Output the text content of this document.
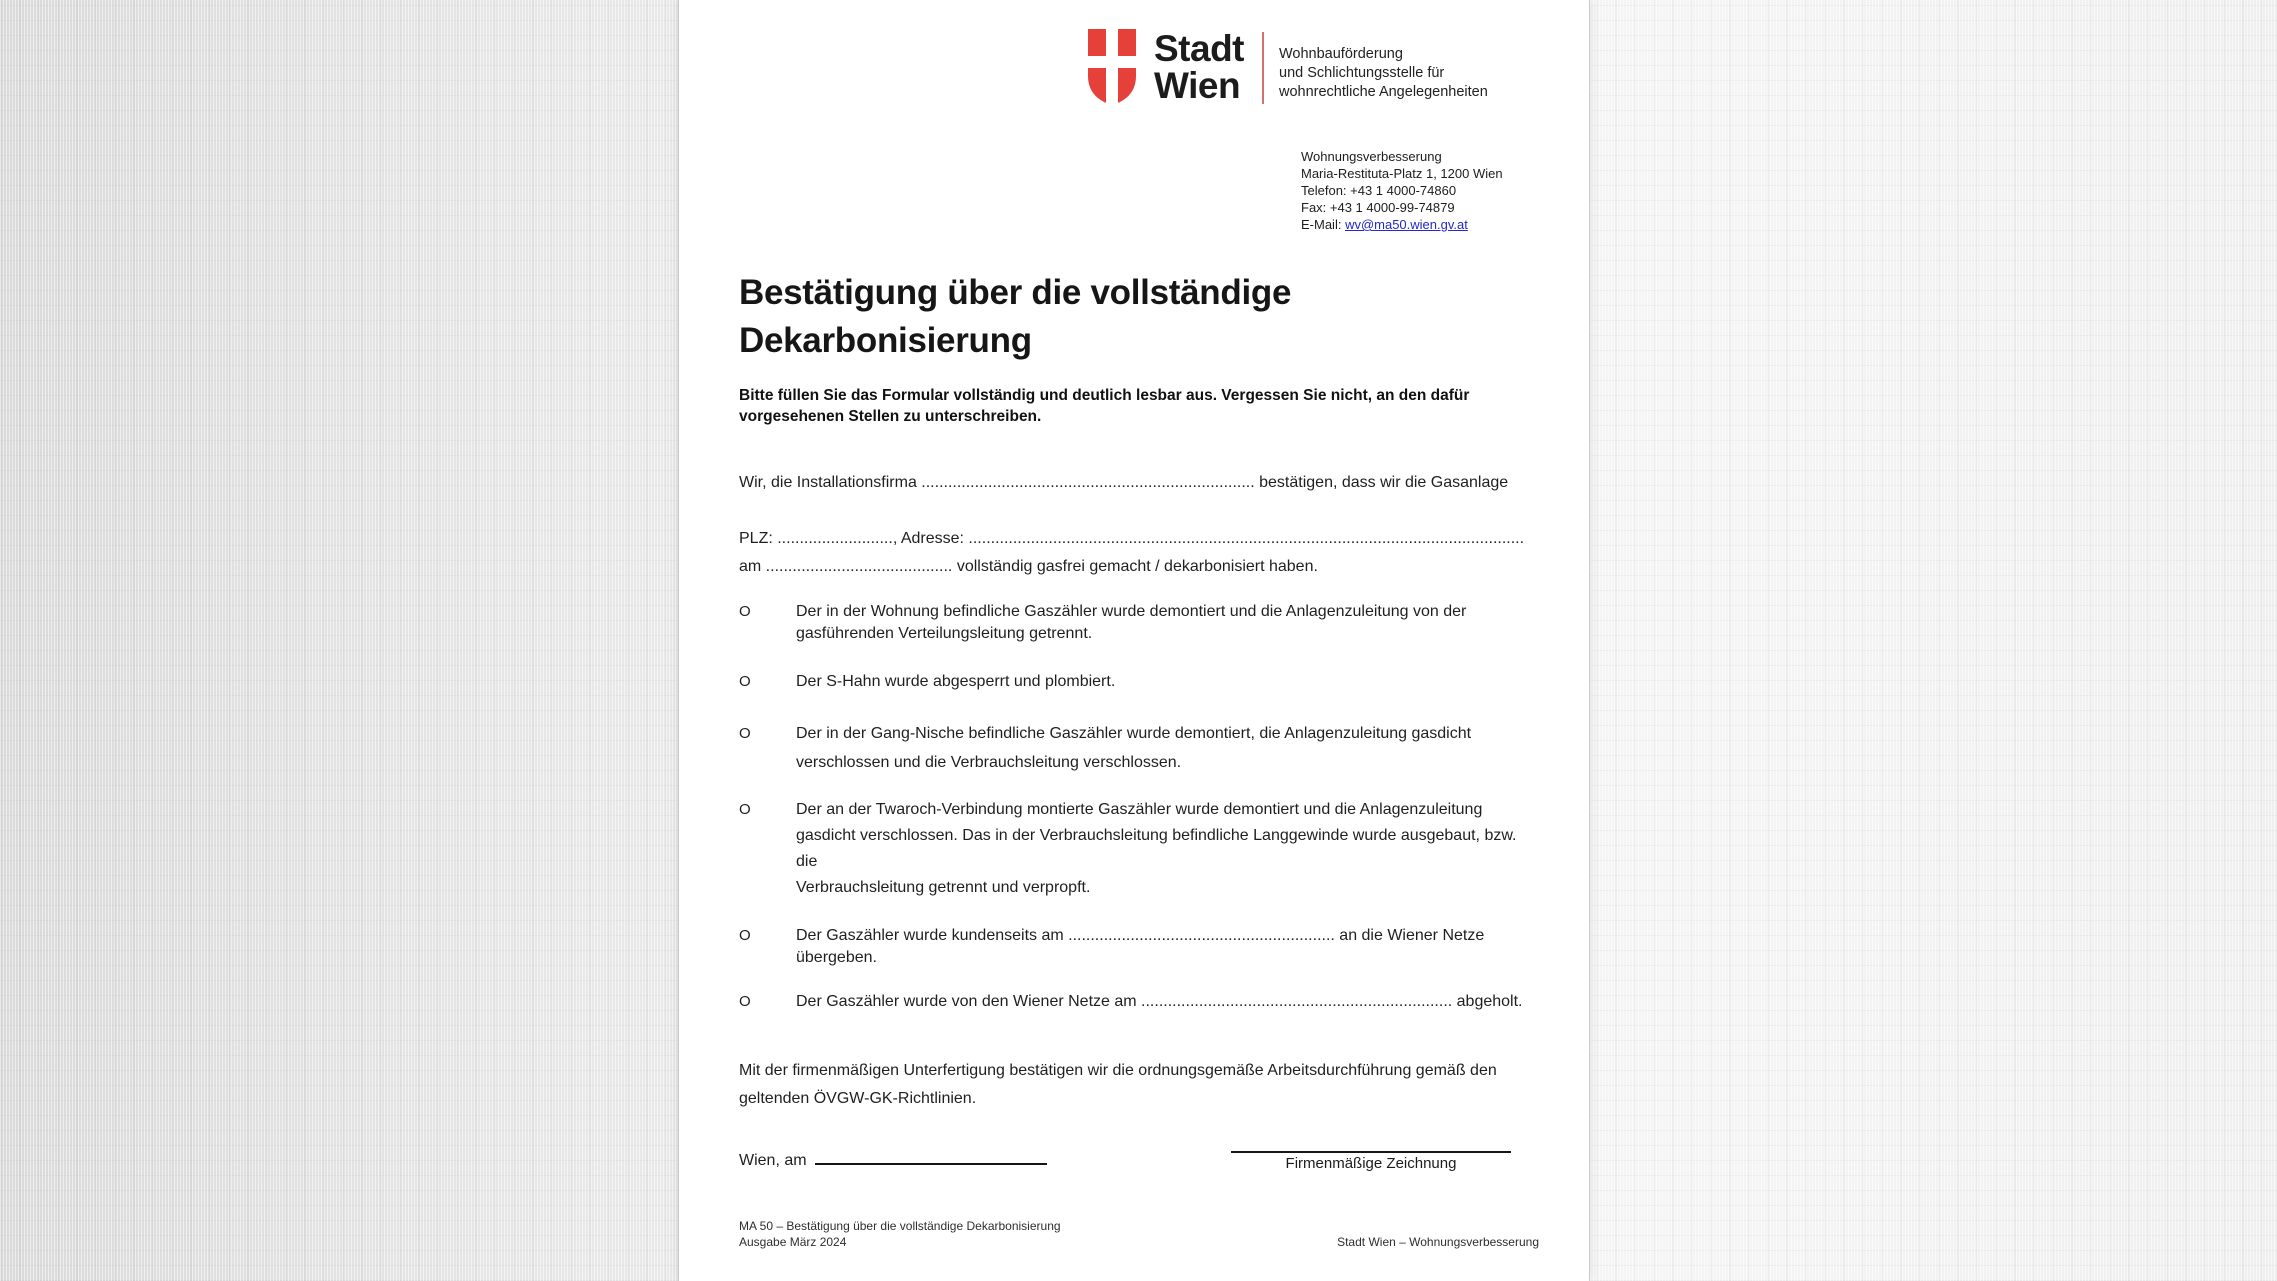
Stadt
Wien
Wohnbauförderung
und Schlichtungsstelle für
wohnrechtliche Angelegenheiten
Wohnungsverbesserung
Maria-Restituta-Platz 1, 1200 Wien
Telefon: +43 1 4000-74860
Fax: +43 1 4000-99-74879
E-Mail: wv@ma50.wien.gv.at
Bestätigung über die vollständige
Dekarbonisierung
Bitte füllen Sie das Formular vollständig und deutlich lesbar aus. Vergessen Sie nicht, an den dafür
vorgesehenen Stellen zu unterschreiben.
Wir, die Installationsfirma ........................................................................... bestätigen, dass wir die Gasanlage
PLZ: .........................., Adresse: .............................................................................................................................
am .......................................... vollständig gasfrei gemacht / dekarbonisiert haben.
O	Der in der Wohnung befindliche Gaszähler wurde demontiert und die Anlagenzuleitung von der
gasführenden Verteilungsleitung getrennt.
O	Der S-Hahn wurde abgesperrt und plombiert.
O	Der in der Gang-Nische befindliche Gaszähler wurde demontiert, die Anlagenzuleitung gasdicht
verschlossen und die Verbrauchsleitung verschlossen.
O	Der an der Twaroch-Verbindung montierte Gaszähler wurde demontiert und die Anlagenzuleitung
gasdicht verschlossen. Das in der Verbrauchsleitung befindliche Langgewinde wurde ausgebaut, bzw. die
Verbrauchsleitung getrennt und verpropft.
O	Der Gaszähler wurde kundenseits am ............................................................ an die Wiener Netze
übergeben.
O	Der Gaszähler wurde von den Wiener Netze am ...................................................................... abgeholt.
Mit der firmenmäßigen Unterfertigung bestätigen wir die ordnungsgemäße Arbeitsdurchführung gemäß den
geltenden ÖVGW-GK-Richtlinien.
Wien, am	Firmenmäßige Zeichnung
MA 50 – Bestätigung über die vollständige Dekarbonisierung
Ausgabe März 2024	Stadt Wien – Wohnungsverbesserung
